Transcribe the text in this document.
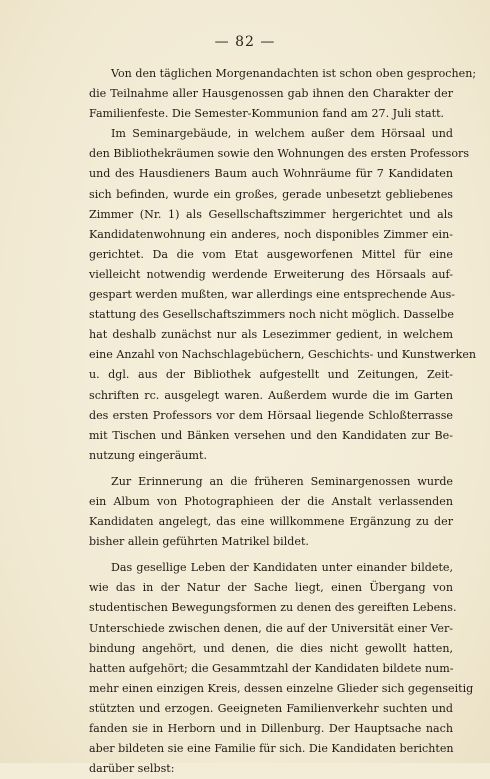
— 82 —

Von den täglichen Morgenandachten ist schon oben gesprochen;
die Teilnahme aller Hausgenossen gab ihnen den Charakter der
Familienfeste. Die Semester-Kommunion fand am 27. Juli statt.

Im Seminargebäude, in welchem außer dem Hörsaal und
den Bibliothekräumen sowie den Wohnungen des ersten Professors
und des Hausdieners Baum auch Wohnräume für 7 Kandidaten
sich befinden, wurde ein großes, gerade unbesetzt gebliebenes
Zimmer (Nr. 1) als Gesellschaftszimmer hergerichtet und als
Kandidatenwohnung ein anderes, noch disponibles Zimmer ein-
gerichtet. Da die vom Etat ausgeworfenen Mittel für eine
vielleicht notwendig werdende Erweiterung des Hörsaals auf-
gespart werden mußten, war allerdings eine entsprechende Aus-
stattung des Gesellschaftszimmers noch nicht möglich. Dasselbe
hat deshalb zunächst nur als Lesezimmer gedient, in welchem
eine Anzahl von Nachschlagebüchern, Geschichts- und Kunstwerken
u. dgl. aus der Bibliothek aufgestellt und Zeitungen, Zeit-
schriften rc. ausgelegt waren. Außerdem wurde die im Garten
des ersten Professors vor dem Hörsaal liegende Schloßterrasse
mit Tischen und Bänken versehen und den Kandidaten zur Be-
nutzung eingeräumt.

Zur Erinnerung an die früheren Seminargenossen wurde
ein Album von Photographieen der die Anstalt verlassenden
Kandidaten angelegt, das eine willkommene Ergänzung zu der
bisher allein geführten Matrikel bildet.

Das gesellige Leben der Kandidaten unter einander bildete,
wie das in der Natur der Sache liegt, einen Übergang von
studentischen Bewegungsformen zu denen des gereiften Lebens.
Unterschiede zwischen denen, die auf der Universität einer Ver-
bindung angehört, und denen, die dies nicht gewollt hatten,
hatten aufgehört; die Gesammtzahl der Kandidaten bildete num-
mehr einen einzigen Kreis, dessen einzelne Glieder sich gegenseitig
stützten und erzogen. Geeigneten Familienverkehr suchten und
fanden sie in Herborn und in Dillenburg. Der Hauptsache nach
aber bildeten sie eine Familie für sich. Die Kandidaten berichten
darüber selbst:
